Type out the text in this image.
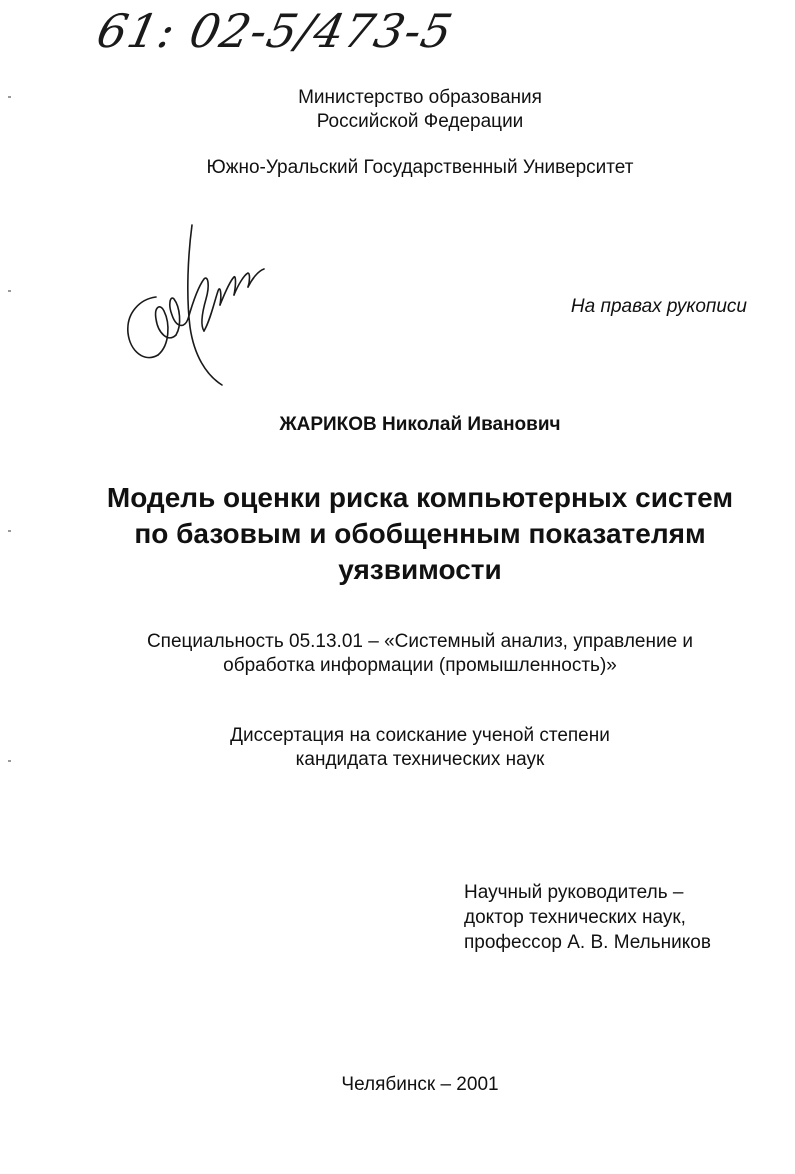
61: 02-5/473-5
Министерство образования
Российской Федерации
Южно-Уральский Государственный Университет
На правах рукописи
ЖАРИКОВ Николай Иванович
Модель оценки риска компьютерных систем
по базовым и обобщенным показателям
уязвимости
Специальность 05.13.01 – «Системный анализ, управление и
обработка информации (промышленность)»
Диссертация на соискание ученой степени
кандидата технических наук
Научный руководитель –
доктор технических наук,
профессор А. В. Мельников
Челябинск – 2001
